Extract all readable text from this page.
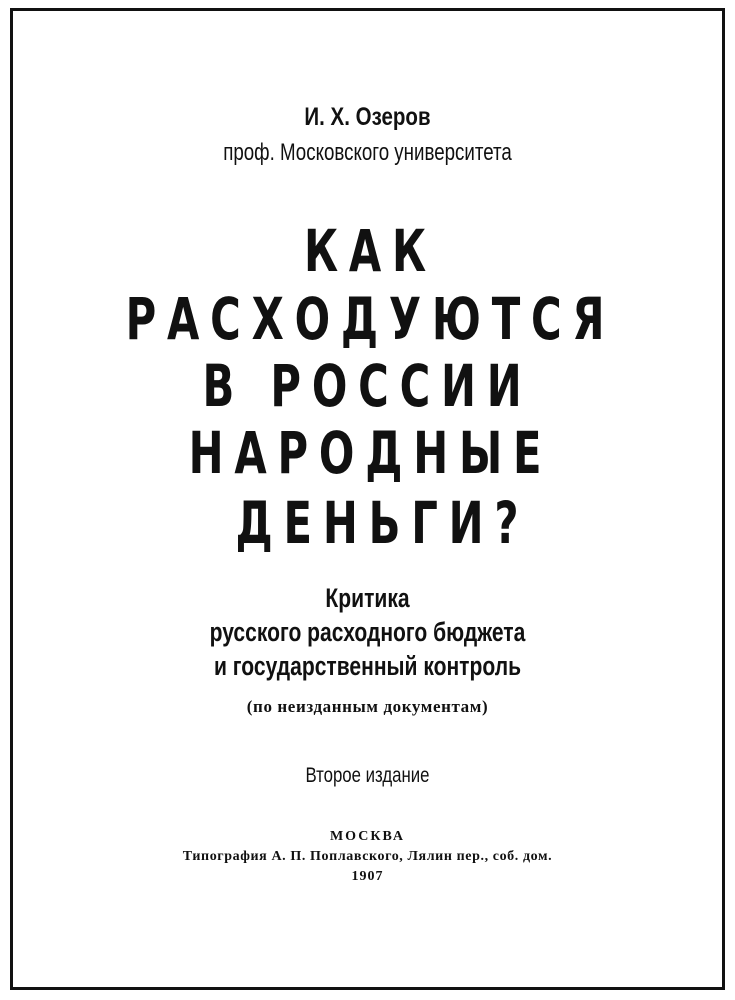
И. Х. Озеров
проф. Московского университета
КАК
РАСХОДУЮТСЯ
В РОССИИ
НАРОДНЫЕ
ДЕНЬГИ?
Критика
русского расходного бюджета
и государственный контроль
(по неизданным документам)
Второе издание
МОСКВА
Типография А. П. Поплавского, Лялин пер., соб. дом.
1907
